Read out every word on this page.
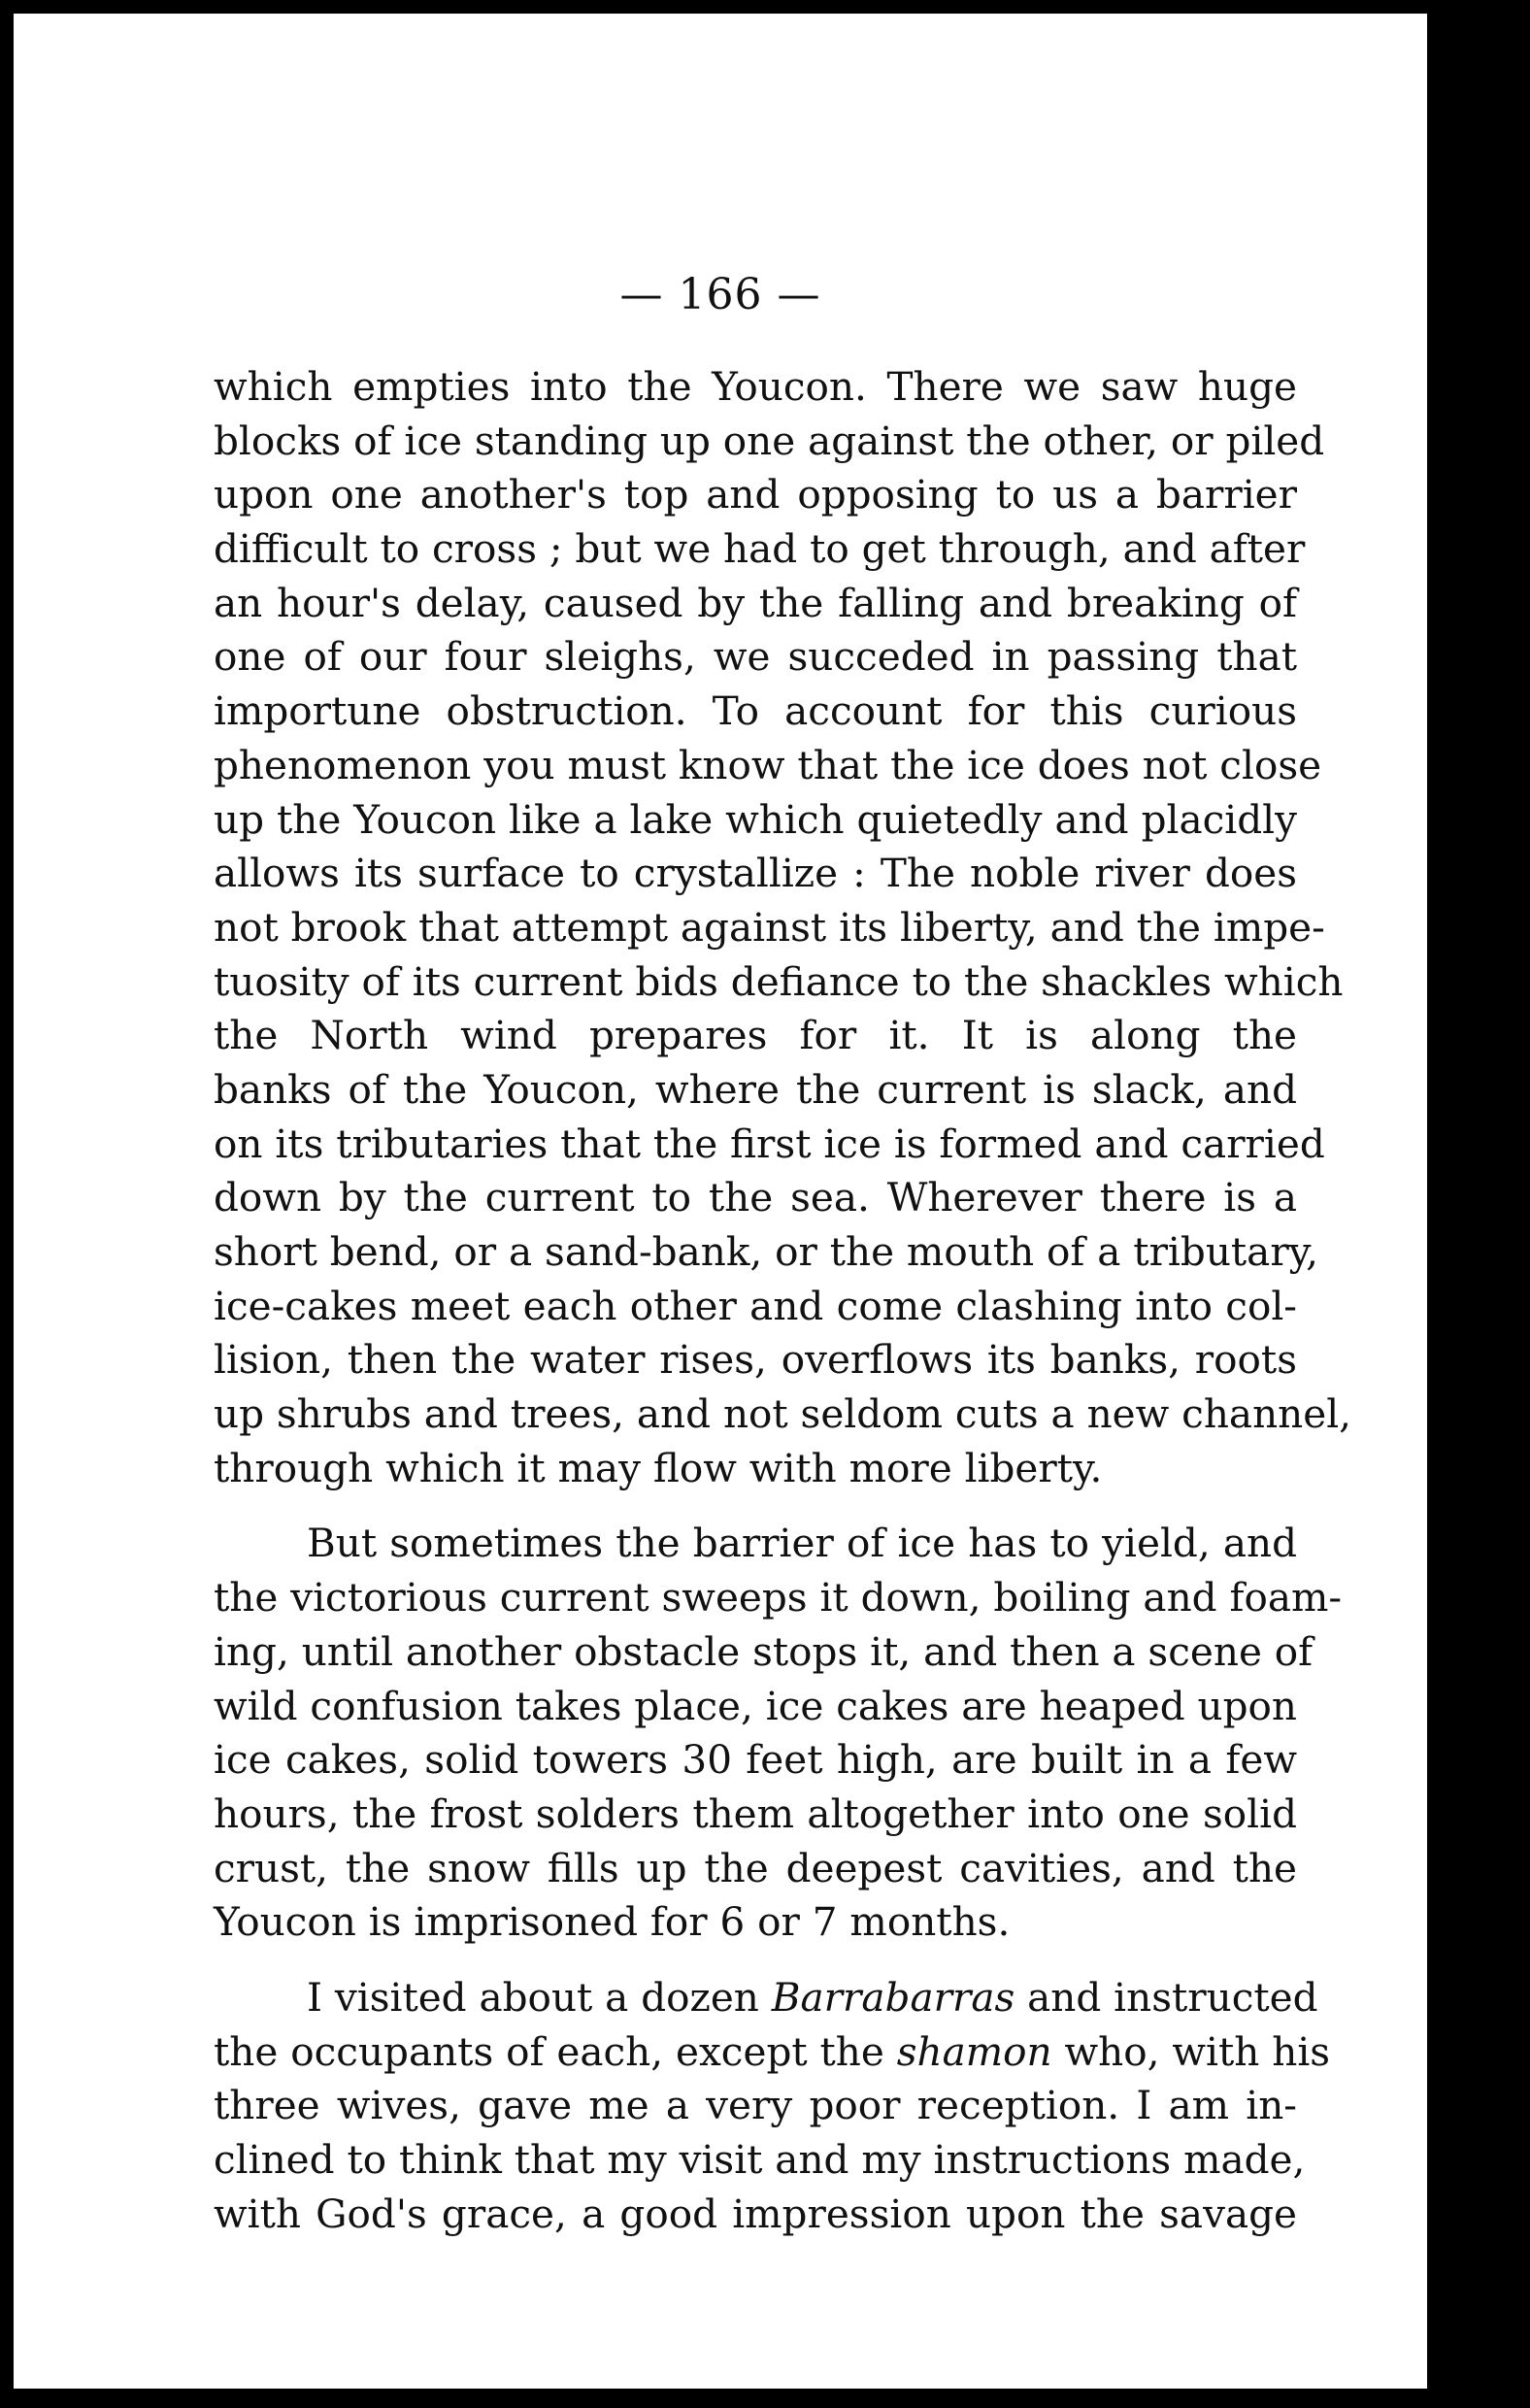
— 166 —
which empties into the Youcon. There we saw huge
blocks of ice standing up one against the other, or piled
upon one another's top and opposing to us a barrier
difficult to cross ; but we had to get through, and after
an hour's delay, caused by the falling and breaking of
one of our four sleighs, we succeded in passing that
importune obstruction. To account for this curious
phenomenon you must know that the ice does not close
up the Youcon like a lake which quietedly and placidly
allows its surface to crystallize : The noble river does
not brook that attempt against its liberty, and the impe-
tuosity of its current bids defiance to the shackles which
the North wind prepares for it. It is along the
banks of the Youcon, where the current is slack, and
on its tributaries that the first ice is formed and carried
down by the current to the sea. Wherever there is a
short bend, or a sand-bank, or the mouth of a tributary,
ice-cakes meet each other and come clashing into col-
lision, then the water rises, overflows its banks, roots
up shrubs and trees, and not seldom cuts a new channel,
through which it may flow with more liberty.
But sometimes the barrier of ice has to yield, and
the victorious current sweeps it down, boiling and foam-
ing, until another obstacle stops it, and then a scene of
wild confusion takes place, ice cakes are heaped upon
ice cakes, solid towers 30 feet high, are built in a few
hours, the frost solders them altogether into one solid
crust, the snow fills up the deepest cavities, and the
Youcon is imprisoned for 6 or 7 months.
I visited about a dozen Barrabarras and instructed
the occupants of each, except the shamon who, with his
three wives, gave me a very poor reception. I am in-
clined to think that my visit and my instructions made,
with God's grace, a good impression upon the savage
